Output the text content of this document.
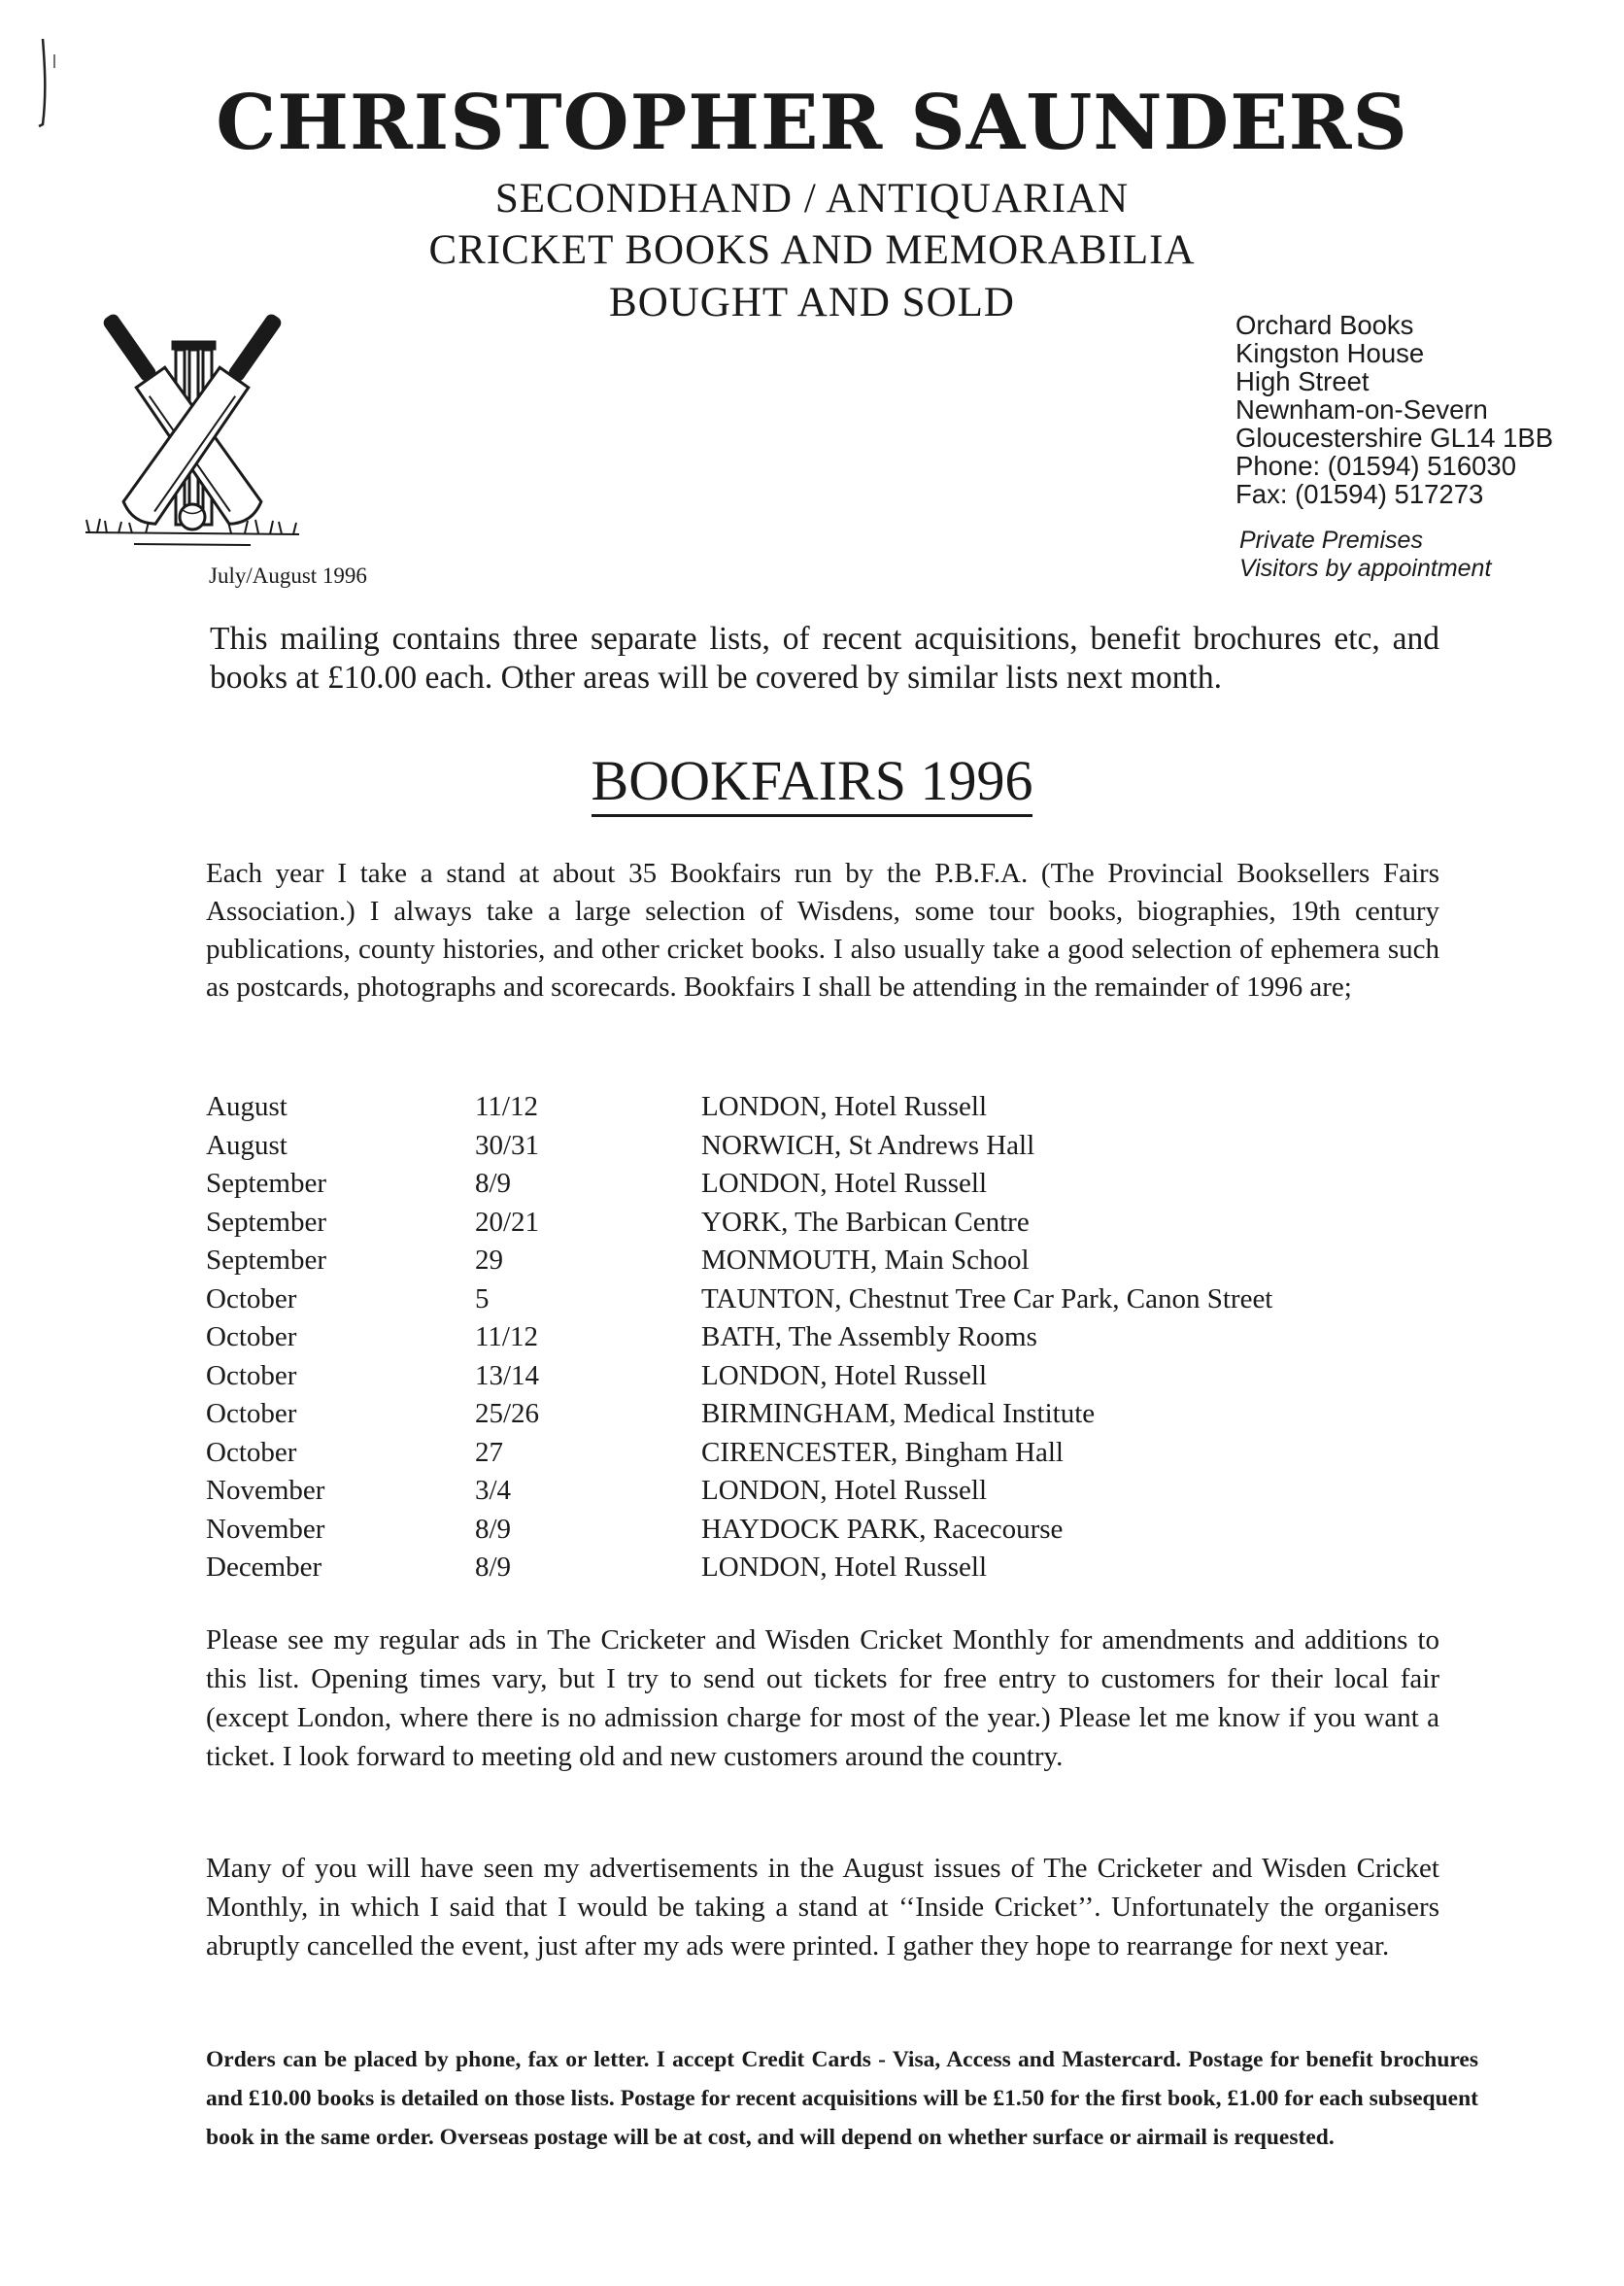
CHRISTOPHER SAUNDERS
SECONDHAND / ANTIQUARIAN
CRICKET BOOKS AND MEMORABILIA
BOUGHT AND SOLD	Orchard Books
Kingston House
High Street
Newnham-on-Severn
Gloucestershire GL14 1BB
Phone: (01594) 516030
Fax: (01594) 517273
Private Premises
Visitors by appointment
July/August 1996
This mailing contains three separate lists, of recent acquisitions, benefit brochures etc, and books at £10.00 each. Other areas will be covered by similar lists next month.
BOOKFAIRS 1996
Each year I take a stand at about 35 Bookfairs run by the P.B.F.A. (The Provincial Booksellers Fairs Association.) I always take a large selection of Wisdens, some tour books, biographies, 19th century publications, county histories, and other cricket books. I also usually take a good selection of ephemera such as postcards, photographs and scorecards. Bookfairs I shall be attending in the remainder of 1996 are;
August	11/12	LONDON, Hotel Russell
August	30/31	NORWICH, St Andrews Hall
September	8/9	LONDON, Hotel Russell
September	20/21	YORK, The Barbican Centre
September	29	MONMOUTH, Main School
October	5	TAUNTON, Chestnut Tree Car Park, Canon Street
October	11/12	BATH, The Assembly Rooms
October	13/14	LONDON, Hotel Russell
October	25/26	BIRMINGHAM, Medical Institute
October	27	CIRENCESTER, Bingham Hall
November	3/4	LONDON, Hotel Russell
November	8/9	HAYDOCK PARK, Racecourse
December	8/9	LONDON, Hotel Russell
Please see my regular ads in The Cricketer and Wisden Cricket Monthly for amendments and additions to this list. Opening times vary, but I try to send out tickets for free entry to customers for their local fair (except London, where there is no admission charge for most of the year.) Please let me know if you want a ticket. I look forward to meeting old and new customers around the country.
Many of you will have seen my advertisements in the August issues of The Cricketer and Wisden Cricket Monthly, in which I said that I would be taking a stand at ‘‘Inside Cricket’’. Unfortunately the organisers abruptly cancelled the event, just after my ads were printed. I gather they hope to rearrange for next year.
Orders can be placed by phone, fax or letter. I accept Credit Cards - Visa, Access and Mastercard. Postage for benefit brochures and £10.00 books is detailed on those lists. Postage for recent acquisitions will be £1.50 for the first book, £1.00 for each subsequent book in the same order. Overseas postage will be at cost, and will depend on whether surface or airmail is requested.
